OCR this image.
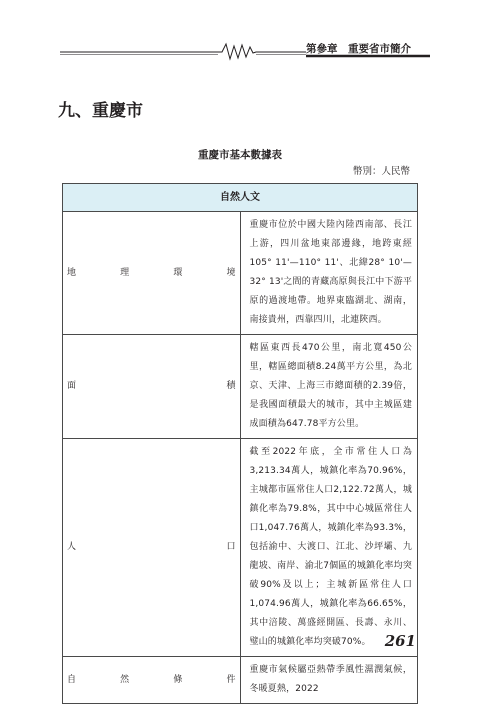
第參章　重要省市簡介
九、重慶市
重慶市基本數據表
幣別：人民幣
自然人文	
地理環境	重慶市位於中國大陸內陸西南部、長江上游，四川盆地東部邊緣，地跨東經105° 11'—110° 11'、北緯28° 10'—32° 13'之間的青藏高原與長江中下游平原的過渡地帶。地界東臨湖北、湖南，南接貴州，西靠四川，北連陝西。
面積	轄區東西長470公里，南北寬450公里，轄區總面積8.24萬平方公里，為北京、天津、上海三市總面積的2.39倍，是我國面積最大的城市，其中主城區建成面積為647.78平方公里。
人口	截至2022年底，全市常住人口為3,213.34萬人，城鎮化率為70.96%，主城都市區常住人口2,122.72萬人，城鎮化率為79.8%，其中中心城區常住人口1,047.76萬人，城鎮化率為93.3%，包括渝中、大渡口、江北、沙坪壩、九龍坡、南岸、渝北7個區的城鎮化率均突破90%及以上；主城新區常住人口1,074.96萬人，城鎮化率為66.65%，其中涪陵、萬盛經開區、長壽、永川、璧山的城鎮化率均突破70%。
自然條件	重慶市氣候屬亞熱帶季風性濕潤氣候，冬暖夏熱，2022
261
